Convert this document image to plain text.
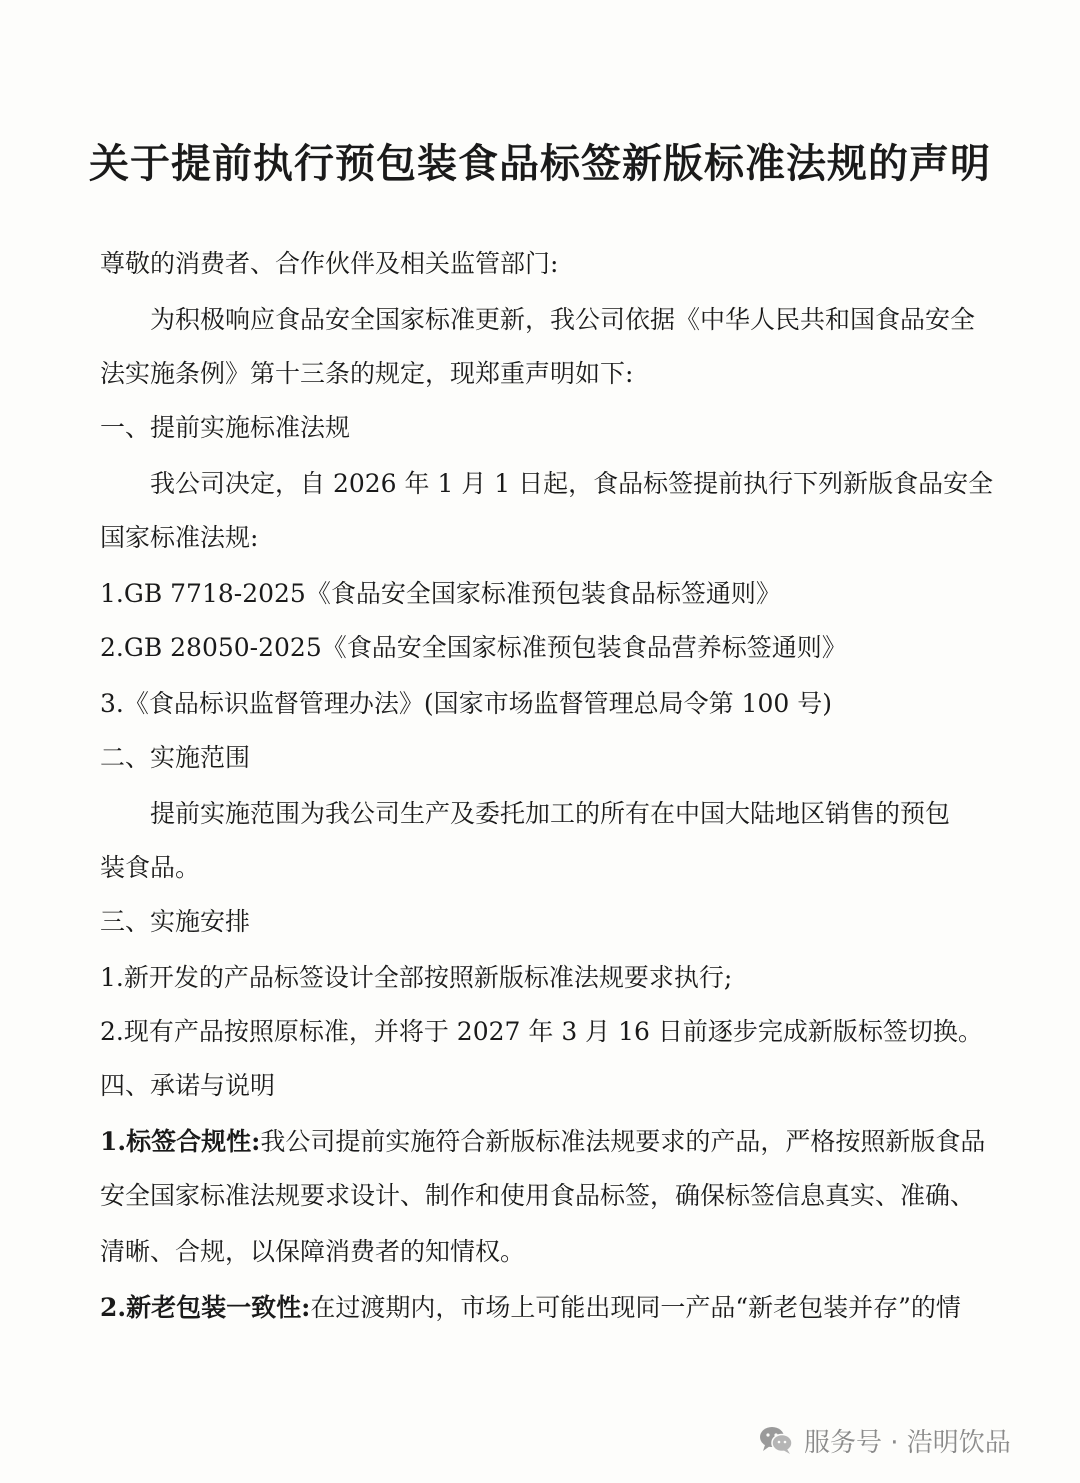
关于提前执行预包装食品标签新版标准法规的声明

尊敬的消费者、合作伙伴及相关监管部门:

为积极响应食品安全国家标准更新，我公司依据《中华人民共和国食品安全

法实施条例》第十三条的规定，现郑重声明如下:

一、提前实施标准法规

我公司决定，自 2026 年 1 月 1 日起，食品标签提前执行下列新版食品安全

国家标准法规:

1.GB 7718-2025《食品安全国家标准预包装食品标签通则》

2.GB 28050-2025《食品安全国家标准预包装食品营养标签通则》

3.《食品标识监督管理办法》(国家市场监督管理总局令第 100 号)

二、实施范围

提前实施范围为我公司生产及委托加工的所有在中国大陆地区销售的预包

装食品。

三、实施安排

1.新开发的产品标签设计全部按照新版标准法规要求执行;

2.现有产品按照原标准，并将于 2027 年 3 月 16 日前逐步完成新版标签切换。

四、承诺与说明

1.标签合规性:我公司提前实施符合新版标准法规要求的产品，严格按照新版食品

安全国家标准法规要求设计、制作和使用食品标签，确保标签信息真实、准确、

清晰、合规，以保障消费者的知情权。

2.新老包装一致性:在过渡期内，市场上可能出现同一产品“新老包装并存”的情

服务号 · 浩明饮品
